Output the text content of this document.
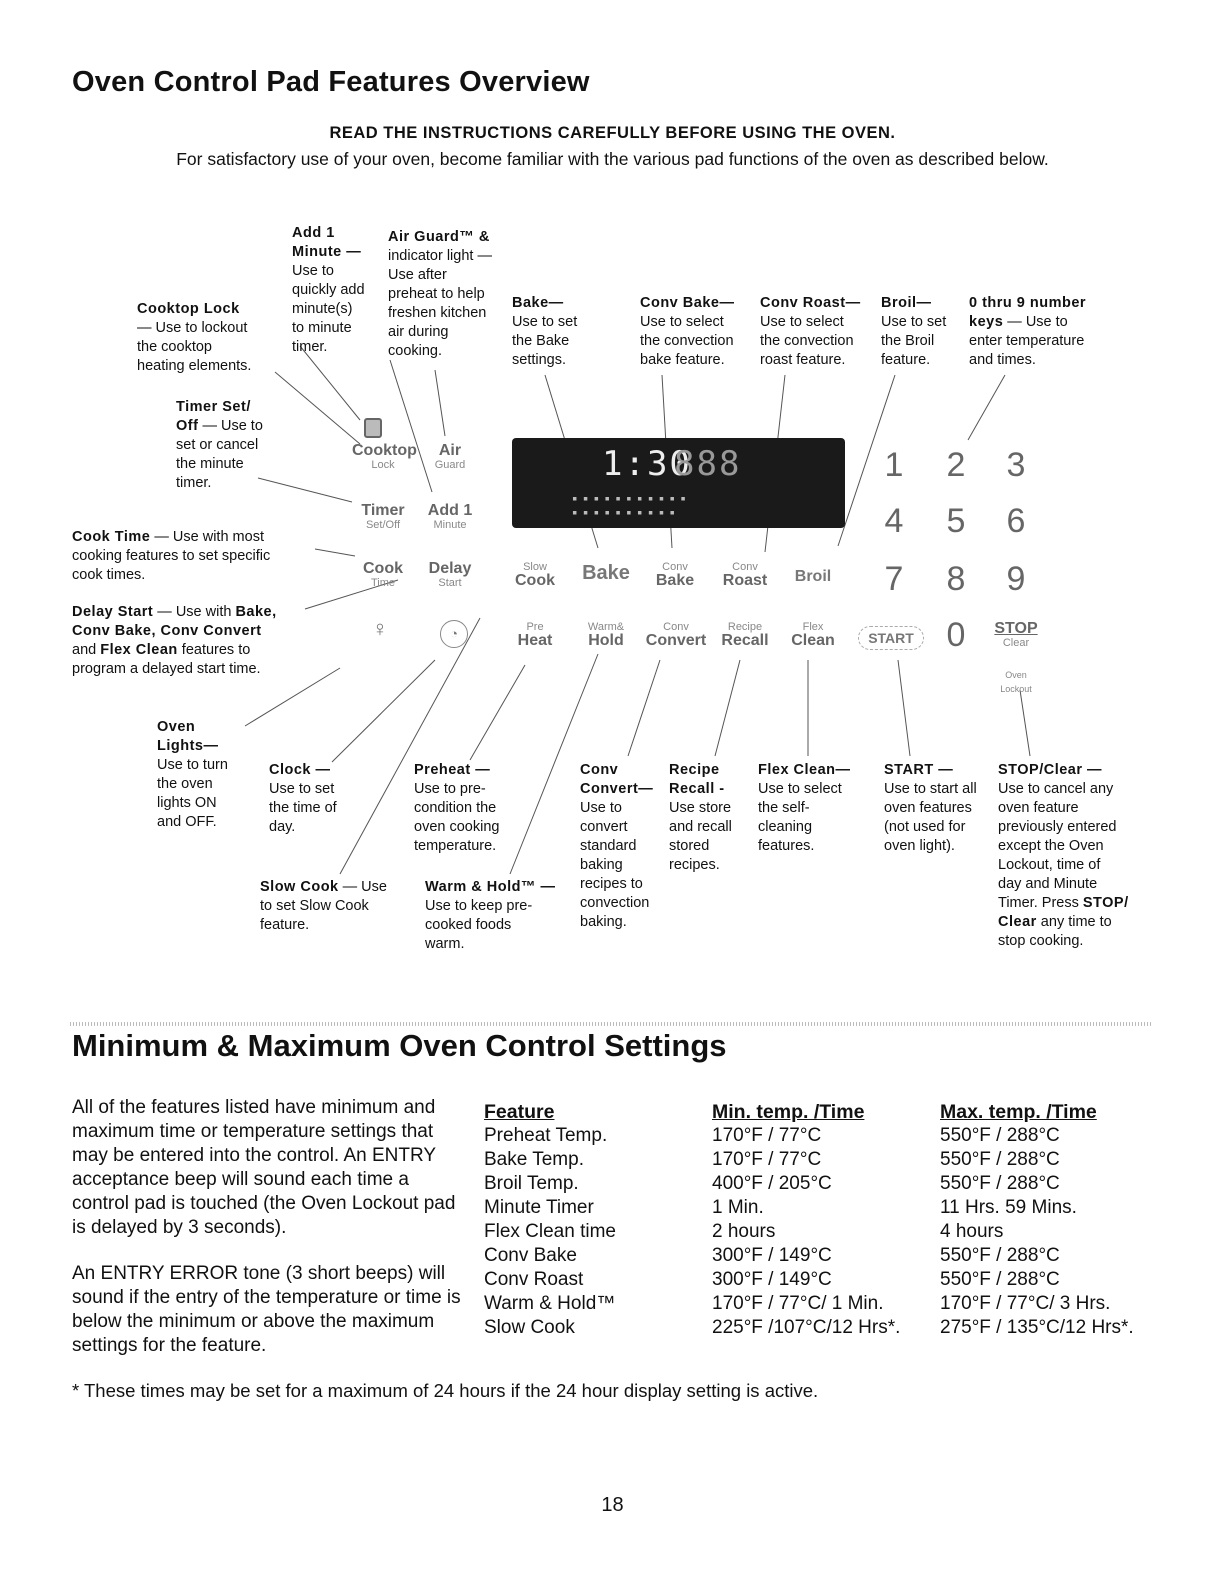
Oven Control Pad Features Overview
READ THE INSTRUCTIONS CAREFULLY BEFORE USING THE OVEN.
For satisfactory use of your oven, become familiar with the various pad functions of the oven as described below.
Add 1
Minute —
Use to
quickly add
minute(s)
to minute
timer.
Air Guard™ &
indicator light —
Use after
preheat to help
freshen kitchen
air during
cooking.
Cooktop Lock
— Use to lockout
the cooktop
heating elements.
Bake—
Use to set
the Bake
settings.
Conv Bake—
Use to select
the convection
bake feature.
Conv Roast—
Use to select
the convection
roast feature.
Broil—
Use to set
the Broil
feature.
0 thru 9 number
keys — Use to
enter temperature
and times.
Timer Set/
Off — Use to
set or cancel
the minute
timer.
Cook Time — Use with most
cooking features to set specific
cook times.
Delay Start — Use with Bake,
Conv Bake, Conv Convert
and Flex Clean features to
program a delayed start time.
Oven
Lights—
Use to turn
the oven
lights ON
and OFF.
Clock —
Use to set
the time of
day.
Preheat —
Use to pre-
condition the
oven cooking
temperature.
Conv
Convert—
Use to
convert
standard
baking
recipes to
convection
baking.
Recipe
Recall -
Use store
and recall
stored
recipes.
Flex Clean—
Use to select
the self-
cleaning
features.
START —
Use to start all
oven features
(not used for
oven light).
STOP/Clear —
Use to cancel any
oven feature
previously entered
except the Oven
Lockout, time of
day and Minute
Timer. Press STOP/
Clear any time to
stop cooking.
Slow Cook — Use
to set Slow Cook
feature.
Warm & Hold™ —
Use to keep pre-
cooked foods
warm.
1:30
888
▪ ▪ ▪ ▪ ▪ ▪ ▪ ▪ ▪ ▪ ▪
▪ ▪ ▪ ▪ ▪ ▪ ▪ ▪ ▪ ▪
Cooktop
Lock
Air
Guard
Timer
Set/Off
Add 1
Minute
Cook
Time
Delay
Start
♀	◔
Slow
Cook Bake	Conv
Bake
Conv
Roast Broil
Pre
Heat
Warm&
Hold
Conv
Convert
Recipe
Recall
Flex
Clean	START
STOP
Clear
Oven
Lockout
1	2	3
4	5	6
7	8	9
0
Minimum & Maximum Oven Control Settings
All of the features listed have minimum and maximum time or temperature settings that may be entered into the control. An ENTRY acceptance beep will sound each time a control pad is touched (the Oven Lockout pad is delayed by 3 seconds).
An ENTRY ERROR tone (3 short beeps) will sound if the entry of the temperature or time is below the minimum or above the maximum settings for the feature.
Feature	Min. temp. /Time	Max. temp. /Time
Preheat Temp.	170°F / 77°C	550°F / 288°C
Bake Temp.	170°F / 77°C	550°F / 288°C
Broil Temp.	400°F / 205°C	550°F / 288°C
Minute Timer	1 Min.	11 Hrs. 59 Mins.
Flex Clean time	2 hours	4 hours
Conv Bake	300°F / 149°C	550°F / 288°C
Conv Roast	300°F / 149°C	550°F / 288°C
Warm & Hold™	170°F / 77°C/ 1 Min.	170°F / 77°C/ 3 Hrs.
Slow Cook	225°F /107°C/12 Hrs*.	275°F / 135°C/12 Hrs*.
* These times may be set for a maximum of 24 hours if the 24 hour display setting is active.
18
